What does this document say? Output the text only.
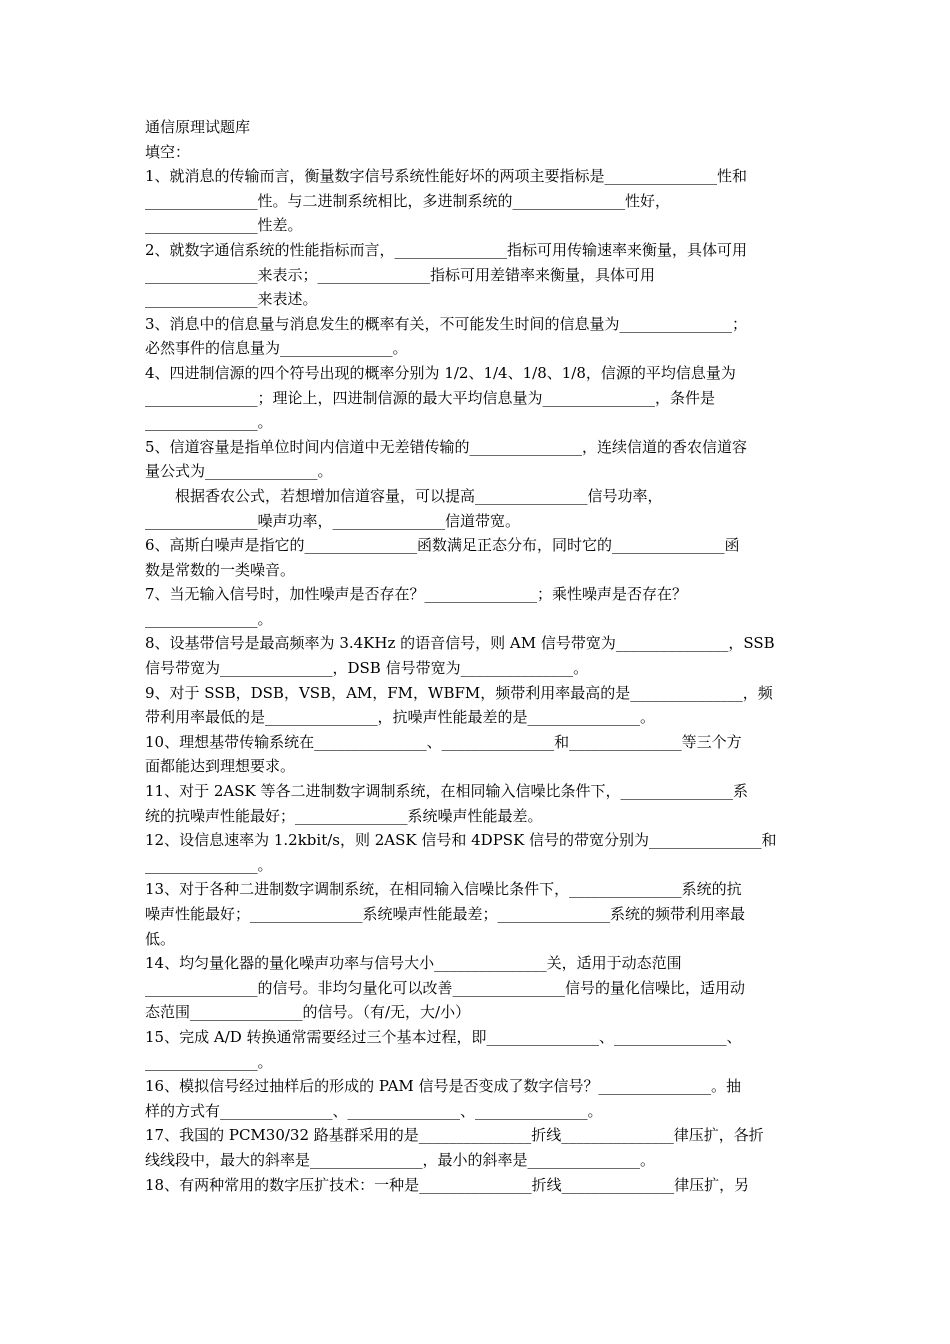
通信原理试题库
填空：
1、就消息的传输而言，衡量数字信号系统性能好坏的两项主要指标是_______________性和
_______________性。与二进制系统相比，多进制系统的_______________性好，
_______________性差。
2、就数字通信系统的性能指标而言，_______________指标可用传输速率来衡量，具体可用
_______________来表示；_______________指标可用差错率来衡量，具体可用
_______________来表述。
3、消息中的信息量与消息发生的概率有关，不可能发生时间的信息量为_______________；
必然事件的信息量为_______________。
4、四进制信源的四个符号出现的概率分别为 1/2、1/4、1/8、1/8，信源的平均信息量为
_______________；理论上，四进制信源的最大平均信息量为_______________，条件是
_______________。
5、信道容量是指单位时间内信道中无差错传输的_______________，连续信道的香农信道容
量公式为_______________。
根据香农公式，若想增加信道容量，可以提高_______________信号功率，
_______________噪声功率，_______________信道带宽。
6、高斯白噪声是指它的_______________函数满足正态分布，同时它的_______________函
数是常数的一类噪音。
7、当无输入信号时，加性噪声是否存在？_______________；乘性噪声是否存在？
_______________。
8、设基带信号是最高频率为 3.4KHz 的语音信号，则 AM 信号带宽为_______________，SSB
信号带宽为_______________，DSB 信号带宽为_______________。
9、对于 SSB，DSB，VSB，AM，FM，WBFM，频带利用率最高的是_______________，频
带利用率最低的是_______________，抗噪声性能最差的是_______________。
10、理想基带传输系统在_______________、_______________和_______________等三个方
面都能达到理想要求。
11、对于 2ASK 等各二进制数字调制系统，在相同输入信噪比条件下，_______________系
统的抗噪声性能最好；_______________系统噪声性能最差。
12、设信息速率为 1.2kbit/s，则 2ASK 信号和 4DPSK 信号的带宽分别为_______________和
_______________。
13、对于各种二进制数字调制系统，在相同输入信噪比条件下，_______________系统的抗
噪声性能最好；_______________系统噪声性能最差；_______________系统的频带利用率最
低。
14、均匀量化器的量化噪声功率与信号大小_______________关，适用于动态范围
_______________的信号。非均匀量化可以改善_______________信号的量化信噪比，适用动
态范围_______________的信号。（有/无，大/小）
15、完成 A/D 转换通常需要经过三个基本过程，即_______________、_______________、
_______________。
16、模拟信号经过抽样后的形成的 PAM 信号是否变成了数字信号？_______________。抽
样的方式有_______________、_______________、_______________。
17、我国的 PCM30/32 路基群采用的是_______________折线_______________律压扩，各折
线线段中，最大的斜率是_______________，最小的斜率是_______________。
18、有两种常用的数字压扩技术：一种是_______________折线_______________律压扩，另
